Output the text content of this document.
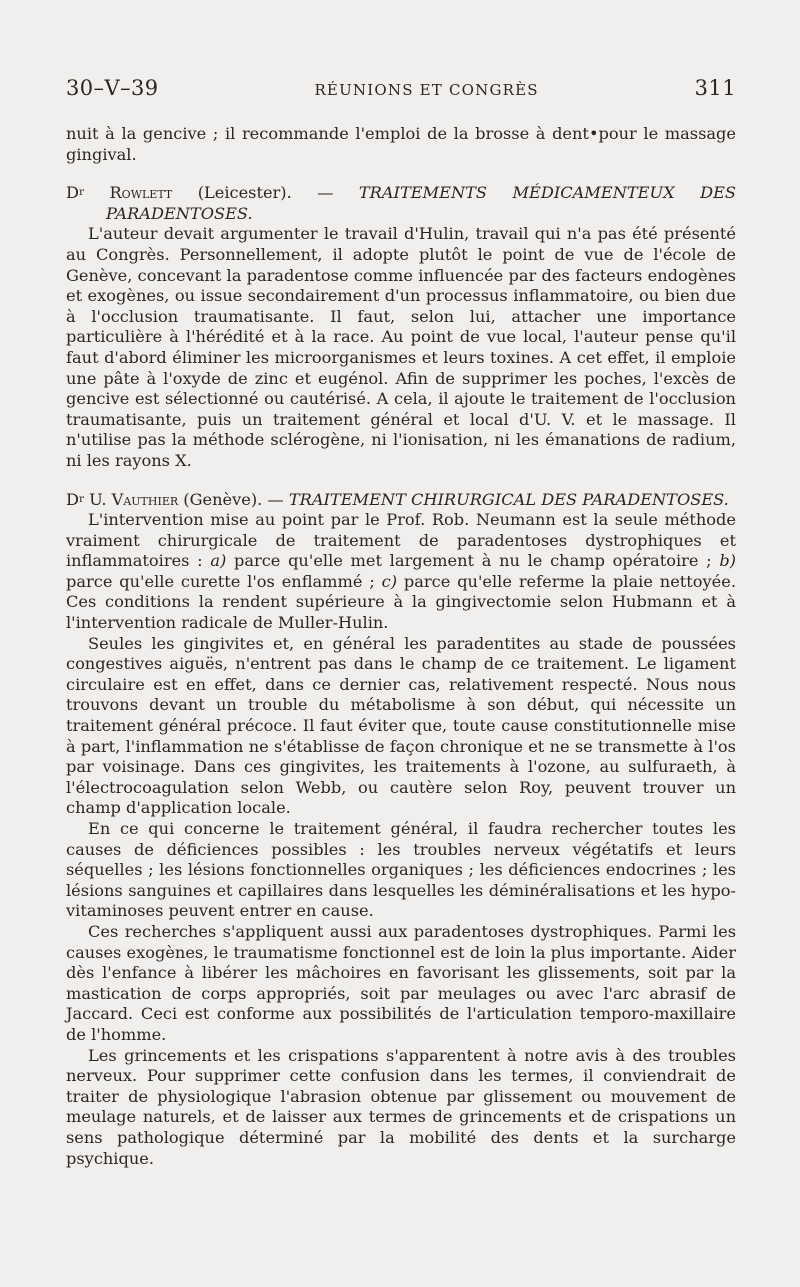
30–V–39	RÉUNIONS ET CONGRÈS	311

nuit à la gencive ; il recommande l'emploi de la brosse à dent•pour le massage gingival.

$D^r$ Rowlett (Leicester). — TRAITEMENTS MÉDICAMENTEUX DES PARADENTOSES.

L'auteur devait argumenter le travail d'Hulin, travail qui n'a pas été présenté au Congrès. Personnellement, il adopte plutôt le point de vue de l'école de Genève, concevant la paradentose comme influencée par des facteurs endogènes et exogènes, ou issue secondairement d'un processus inflammatoire, ou bien due à l'occlusion traumatisante. Il faut, selon lui, attacher une importance particulière à l'hérédité et à la race. Au point de vue local, l'auteur pense qu'il faut d'abord éliminer les microorganismes et leurs toxines. A cet effet, il emploie une pâte à l'oxyde de zinc et eugénol. Afin de supprimer les poches, l'excès de gencive est sélectionné ou cautérisé. A cela, il ajoute le traitement de l'occlusion traumatisante, puis un traitement général et local d'U. V. et le massage. Il n'utilise pas la méthode sclérogène, ni l'ionisation, ni les émanations de radium, ni les rayons X.

$D^r$ U. Vauthier (Genève). — TRAITEMENT CHIRURGICAL DES PARADENTOSES.

L'intervention mise au point par le Prof. Rob. Neumann est la seule méthode vraiment chirurgicale de traitement de paradentoses dystrophiques et inflammatoires : a) parce qu'elle met largement à nu le champ opératoire ; b) parce qu'elle curette l'os enflammé ; c) parce qu'elle referme la plaie nettoyée. Ces conditions la rendent supérieure à la gingivectomie selon Hubmann et à l'intervention radicale de Muller-Hulin.

Seules les gingivites et, en général les paradentites au stade de poussées congestives aiguës, n'entrent pas dans le champ de ce traitement. Le ligament circulaire est en effet, dans ce dernier cas, relativement respecté. Nous nous trouvons devant un trouble du métabolisme à son début, qui nécessite un traitement général précoce. Il faut éviter que, toute cause constitutionnelle mise à part, l'inflammation ne s'établisse de façon chronique et ne se transmette à l'os par voisinage. Dans ces gingivites, les traitements à l'ozone, au sulfuraeth, à l'électrocoagulation selon Webb, ou cautère selon Roy, peuvent trouver un champ d'application locale.

En ce qui concerne le traitement général, il faudra rechercher toutes les causes de déficiences possibles : les troubles nerveux végétatifs et leurs séquelles ; les lésions fonctionnelles organiques ; les déficiences endocrines ; les lésions sanguines et capillaires dans lesquelles les déminéralisations et les hypo-vitaminoses peuvent entrer en cause.

Ces recherches s'appliquent aussi aux paradentoses dystrophiques. Parmi les causes exogènes, le traumatisme fonctionnel est de loin la plus importante. Aider dès l'enfance à libérer les mâchoires en favorisant les glissements, soit par la mastication de corps appropriés, soit par meulages ou avec l'arc abrasif de Jaccard. Ceci est conforme aux possibilités de l'articulation temporo-maxillaire de l'homme.

Les grincements et les crispations s'apparentent à notre avis à des troubles nerveux. Pour supprimer cette confusion dans les termes, il conviendrait de traiter de physiologique l'abrasion obtenue par glissement ou mouvement de meulage naturels, et de laisser aux termes de grincements et de crispations un sens pathologique déterminé par la mobilité des dents et la surcharge psychique.
